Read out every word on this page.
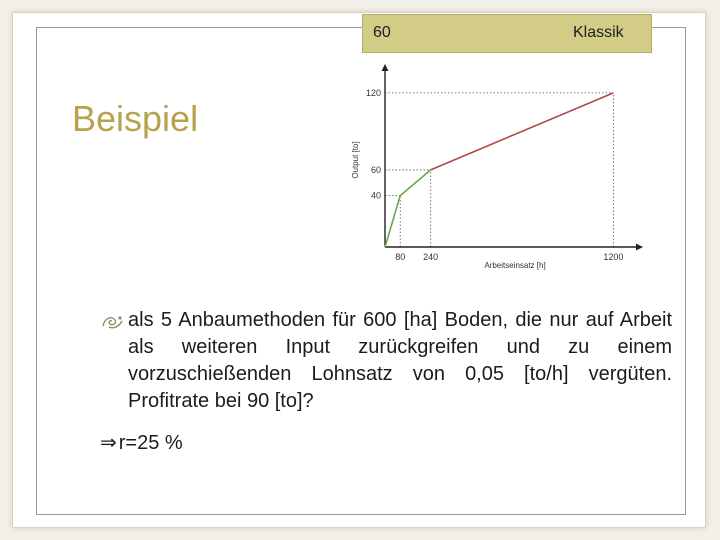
60	Klassik
Beispiel
80 240	1200
40
60
120
Arbeitseinsatz [h]
Output [to]
als 5 Anbaumethoden für 600 [ha] Boden, die nur auf Arbeit als weiteren Input zurückgreifen und zu einem vorzuschießenden Lohnsatz von 0,05 [to/h] vergüten. Profitrate bei 90 [to]?
⇒ r=25 %
